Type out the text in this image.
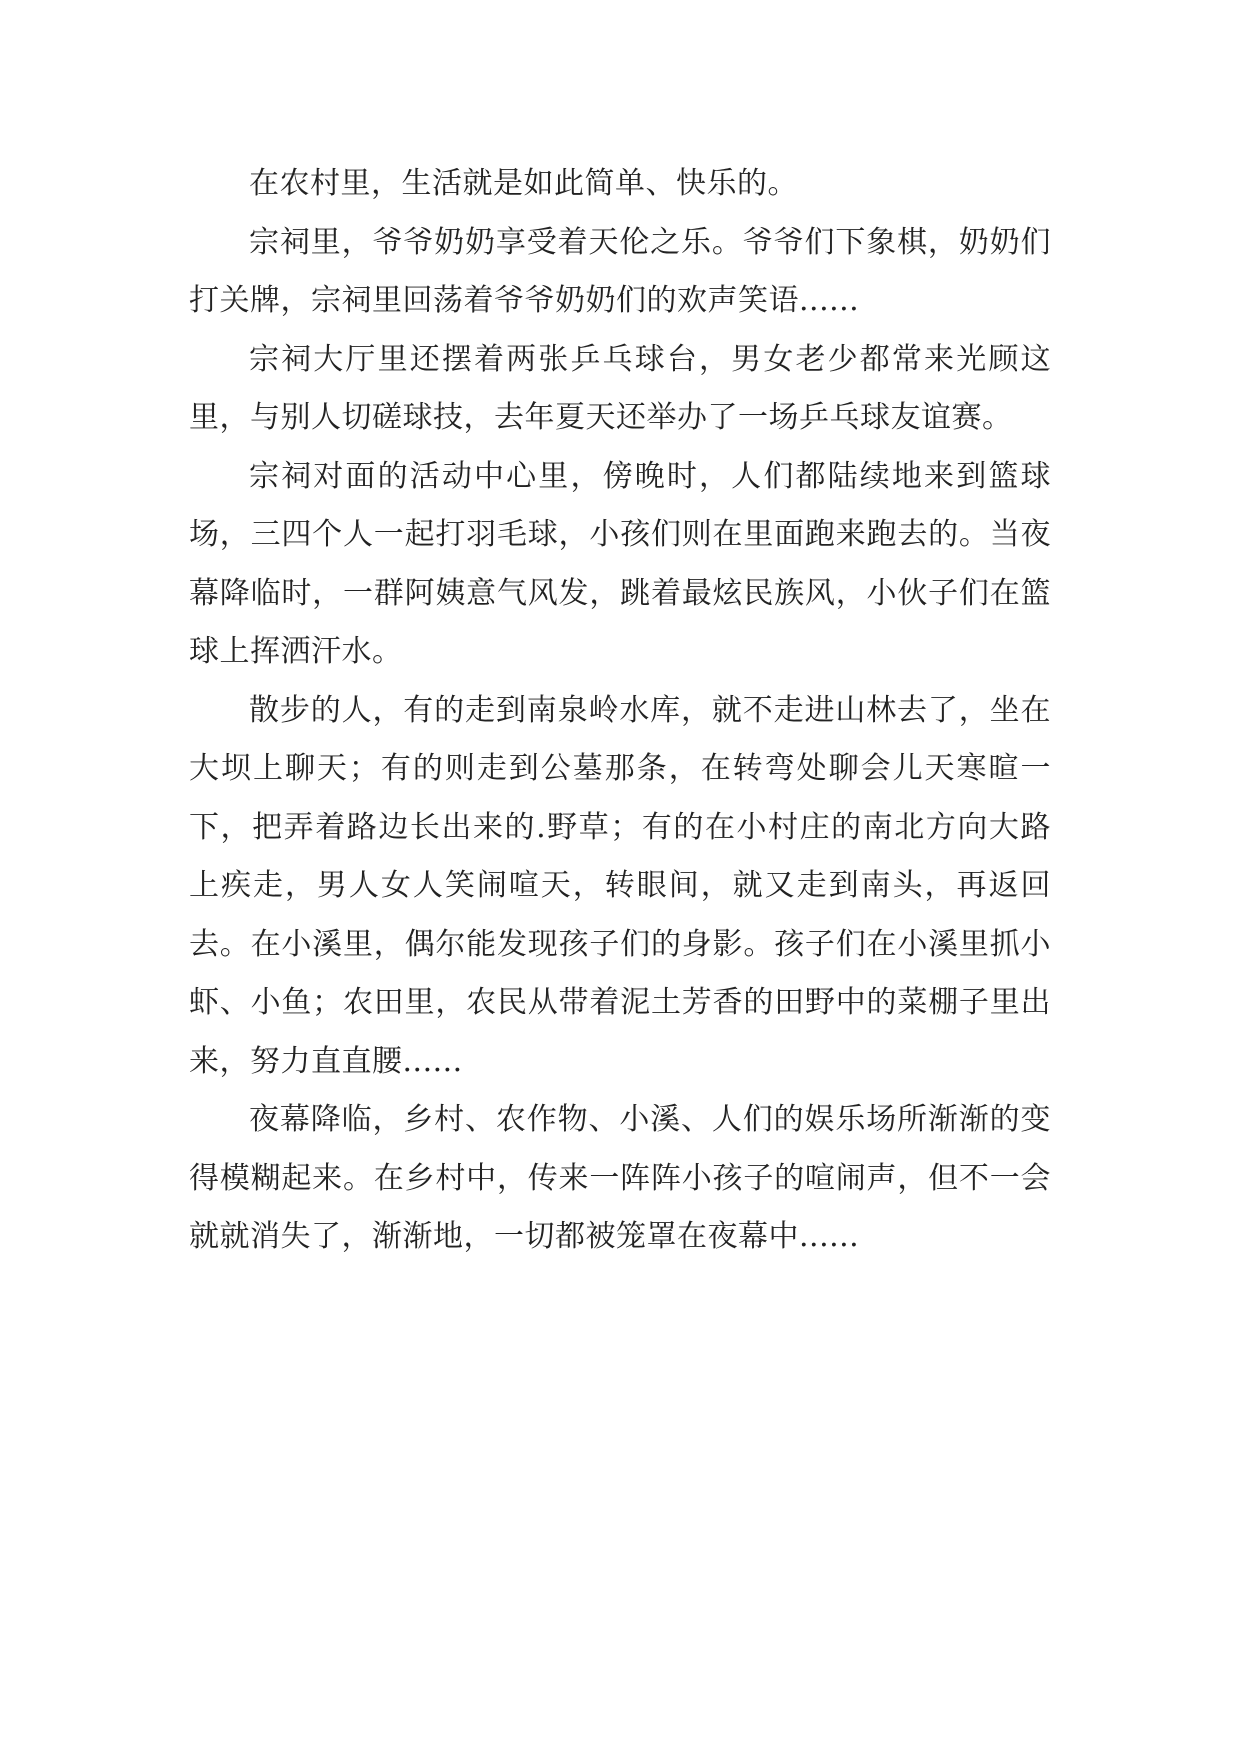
在农村里，生活就是如此简单、快乐的。

宗祠里，爷爷奶奶享受着天伦之乐。爷爷们下象棋，奶奶们打关牌，宗祠里回荡着爷爷奶奶们的欢声笑语......

宗祠大厅里还摆着两张乒乓球台，男女老少都常来光顾这里，与别人切磋球技，去年夏天还举办了一场乒乓球友谊赛。

宗祠对面的活动中心里，傍晚时，人们都陆续地来到篮球场，三四个人一起打羽毛球，小孩们则在里面跑来跑去的。当夜幕降临时，一群阿姨意气风发，跳着最炫民族风，小伙子们在篮球上挥洒汗水。

散步的人，有的走到南泉岭水库，就不走进山林去了，坐在大坝上聊天；有的则走到公墓那条，在转弯处聊会儿天寒暄一下，把弄着路边长出来的.野草；有的在小村庄的南北方向大路上疾走，男人女人笑闹喧天，转眼间，就又走到南头，再返回去。在小溪里，偶尔能发现孩子们的身影。孩子们在小溪里抓小虾、小鱼；农田里，农民从带着泥土芳香的田野中的菜棚子里出来，努力直直腰......

夜幕降临，乡村、农作物、小溪、人们的娱乐场所渐渐的变得模糊起来。在乡村中，传来一阵阵小孩子的喧闹声，但不一会就就消失了，渐渐地，一切都被笼罩在夜幕中......
